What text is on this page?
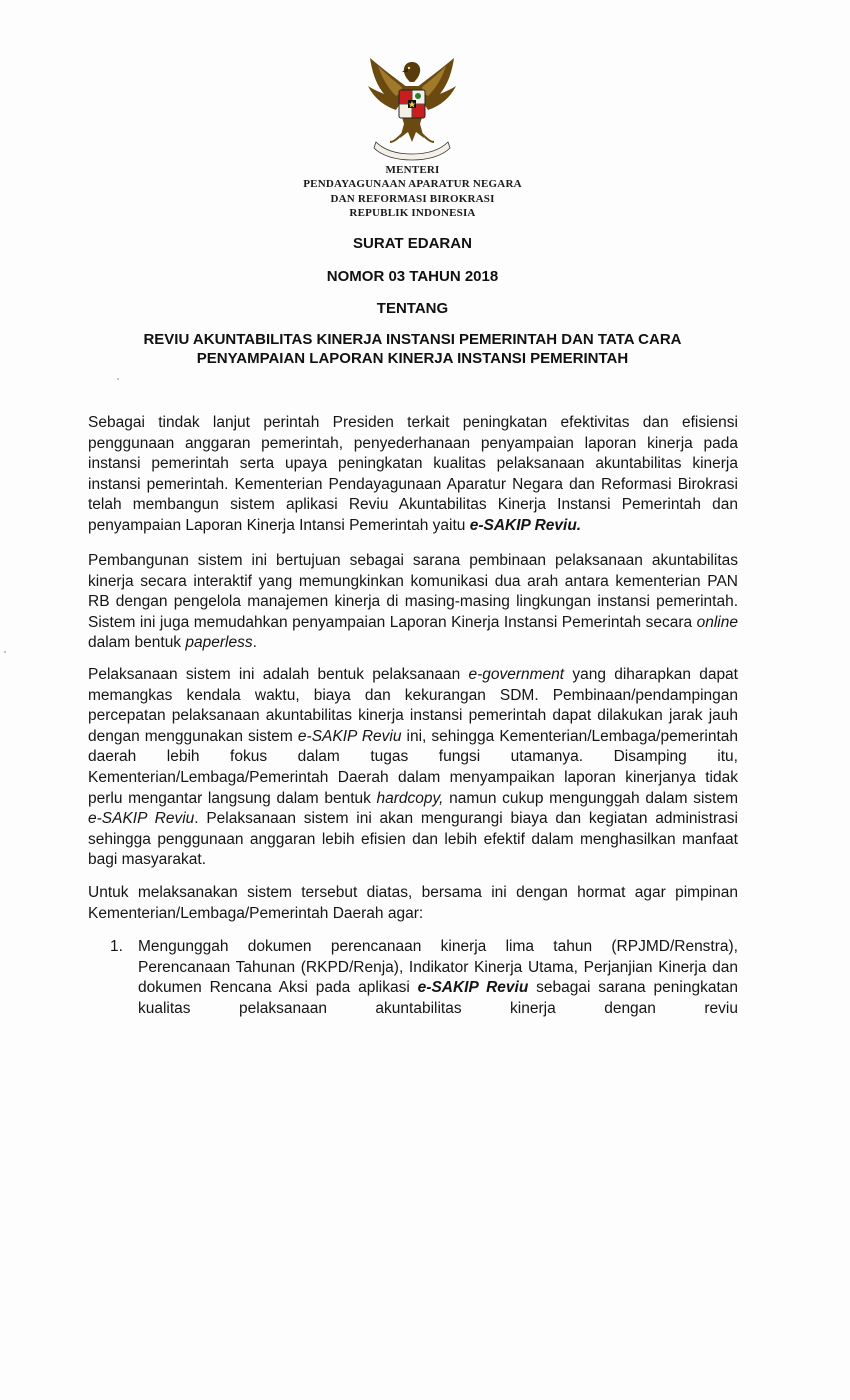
MENTERI
PENDAYAGUNAAN APARATUR NEGARA
DAN REFORMASI BIROKRASI
REPUBLIK INDONESIA
SURAT EDARAN
NOMOR 03 TAHUN 2018
TENTANG
REVIU AKUNTABILITAS KINERJA INSTANSI PEMERINTAH DAN TATA CARA
PENYAMPAIAN LAPORAN KINERJA INSTANSI PEMERINTAH

Sebagai tindak lanjut perintah Presiden terkait peningkatan efektivitas dan efisiensi penggunaan anggaran pemerintah, penyederhanaan penyampaian laporan kinerja pada instansi pemerintah serta upaya peningkatan kualitas pelaksanaan akuntabilitas kinerja instansi pemerintah. Kementerian Pendayagunaan Aparatur Negara dan Reformasi Birokrasi telah membangun sistem aplikasi Reviu Akuntabilitas Kinerja Instansi Pemerintah dan penyampaian Laporan Kinerja Intansi Pemerintah yaitu e-SAKIP Reviu.

Pembangunan sistem ini bertujuan sebagai sarana pembinaan pelaksanaan akuntabilitas kinerja secara interaktif yang memungkinkan komunikasi dua arah antara kementerian PAN RB dengan pengelola manajemen kinerja di masing-masing lingkungan instansi pemerintah. Sistem ini juga memudahkan penyampaian Laporan Kinerja Instansi Pemerintah secara online dalam bentuk paperless.

Pelaksanaan sistem ini adalah bentuk pelaksanaan e-government yang diharapkan dapat memangkas kendala waktu, biaya dan kekurangan SDM. Pembinaan/pendampingan percepatan pelaksanaan akuntabilitas kinerja instansi pemerintah dapat dilakukan jarak jauh dengan menggunakan sistem e-SAKIP Reviu ini, sehingga Kementerian/Lembaga/pemerintah daerah lebih fokus dalam tugas fungsi utamanya. Disamping itu, Kementerian/Lembaga/Pemerintah Daerah dalam menyampaikan laporan kinerjanya tidak perlu mengantar langsung dalam bentuk hardcopy, namun cukup mengunggah dalam sistem e-SAKIP Reviu. Pelaksanaan sistem ini akan mengurangi biaya dan kegiatan administrasi sehingga penggunaan anggaran lebih efisien dan lebih efektif dalam menghasilkan manfaat bagi masyarakat.

Untuk melaksanakan sistem tersebut diatas, bersama ini dengan hormat agar pimpinan Kementerian/Lembaga/Pemerintah Daerah agar:

1. Mengunggah dokumen perencanaan kinerja lima tahun (RPJMD/Renstra), Perencanaan Tahunan (RKPD/Renja), Indikator Kinerja Utama, Perjanjian Kinerja dan dokumen Rencana Aksi pada aplikasi e-SAKIP Reviu sebagai sarana peningkatan kualitas pelaksanaan akuntabilitas kinerja dengan reviu
